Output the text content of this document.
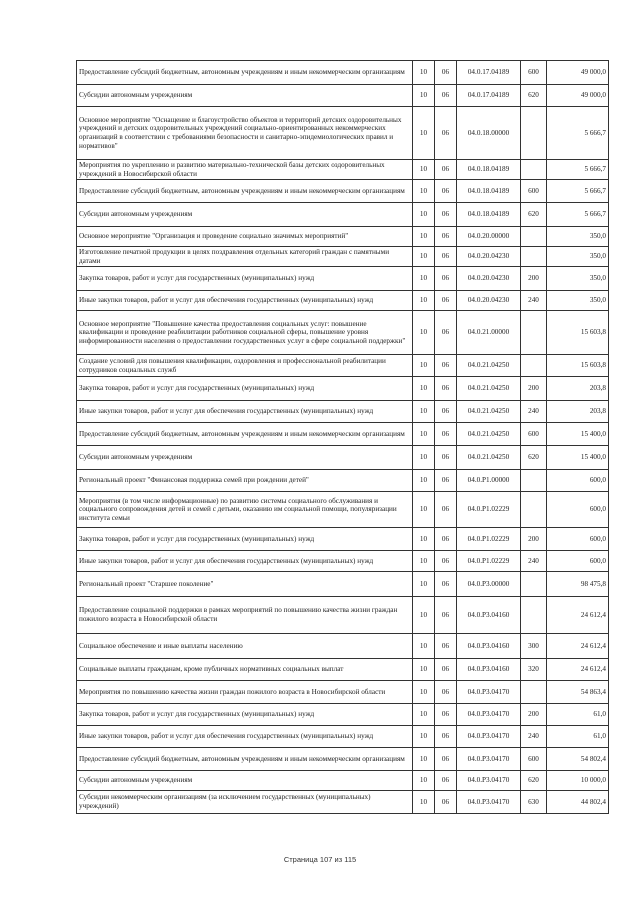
Предоставление субсидий бюджетным, автономным учреждениям и иным некоммерческим организациям	10	06	04.0.17.04189	600	49 000,0
Субсидии автономным учреждениям	10	06	04.0.17.04189	620	49 000,0
Основное мероприятие "Оснащение и благоустройство объектов и территорий детских оздоровительных учреждений и детских оздоровительных учреждений социально-ориентированных некоммерческих организаций в соответствии с требованиями безопасности и санитарно-эпидемиологических правил и нормативов"	10	06	04.0.18.00000		5 666,7
Мероприятия по укреплению и развитию материально-технической базы детских оздоровительных учреждений в Новосибирской области	10	06	04.0.18.04189		5 666,7
Предоставление субсидий бюджетным, автономным учреждениям и иным некоммерческим организациям	10	06	04.0.18.04189	600	5 666,7
Субсидии автономным учреждениям	10	06	04.0.18.04189	620	5 666,7
Основное мероприятие "Организация и проведение социально значимых мероприятий"	10	06	04.0.20.00000		350,0
Изготовление печатной продукции в целях поздравления отдельных категорий граждан с памятными датами	10	06	04.0.20.04230		350,0
Закупка товаров, работ и услуг для государственных (муниципальных) нужд	10	06	04.0.20.04230	200	350,0
Иные закупки товаров, работ и услуг для обеспечения государственных (муниципальных) нужд	10	06	04.0.20.04230	240	350,0
Основное мероприятие "Повышение качества предоставления социальных услуг: повышение квалификации и проведение реабилитации работников социальной сферы, повышение уровня информированности населения о предоставлении государственных услуг в сфере социальной поддержки"	10	06	04.0.21.00000		15 603,8
Создание условий для повышения квалификации, оздоровления и профессиональной реабилитации сотрудников социальных служб	10	06	04.0.21.04250		15 603,8
Закупка товаров, работ и услуг для государственных (муниципальных) нужд	10	06	04.0.21.04250	200	203,8
Иные закупки товаров, работ и услуг для обеспечения государственных (муниципальных) нужд	10	06	04.0.21.04250	240	203,8
Предоставление субсидий бюджетным, автономным учреждениям и иным некоммерческим организациям	10	06	04.0.21.04250	600	15 400,0
Субсидии автономным учреждениям	10	06	04.0.21.04250	620	15 400,0
Региональный проект "Финансовая поддержка семей при рождении детей"	10	06	04.0.P1.00000		600,0
Мероприятия (в том числе информационные) по развитию системы социального обслуживания и социального сопровождения детей и семей с детьми, оказанию им социальной помощи, популяризации института семьи	10	06	04.0.P1.02229		600,0
Закупка товаров, работ и услуг для государственных (муниципальных) нужд	10	06	04.0.P1.02229	200	600,0
Иные закупки товаров, работ и услуг для обеспечения государственных (муниципальных) нужд	10	06	04.0.P1.02229	240	600,0
Региональный проект "Старшее поколение"	10	06	04.0.P3.00000		98 475,8
Предоставление социальной поддержки в рамках мероприятий по повышению качества жизни граждан пожилого возраста в Новосибирской области	10	06	04.0.P3.04160		24 612,4
Социальное обеспечение и иные выплаты населению	10	06	04.0.P3.04160	300	24 612,4
Социальные выплаты гражданам, кроме публичных нормативных социальных выплат	10	06	04.0.P3.04160	320	24 612,4
Мероприятия по повышению качества жизни граждан пожилого возраста в Новосибирской области	10	06	04.0.P3.04170		54 863,4
Закупка товаров, работ и услуг для государственных (муниципальных) нужд	10	06	04.0.P3.04170	200	61,0
Иные закупки товаров, работ и услуг для обеспечения государственных (муниципальных) нужд	10	06	04.0.P3.04170	240	61,0
Предоставление субсидий бюджетным, автономным учреждениям и иным некоммерческим организациям	10	06	04.0.P3.04170	600	54 802,4
Субсидии автономным учреждениям	10	06	04.0.P3.04170	620	10 000,0
Субсидии некоммерческим организациям (за исключением государственных (муниципальных) учреждений)	10	06	04.0.P3.04170	630	44 802,4
Страница 107 из 115
